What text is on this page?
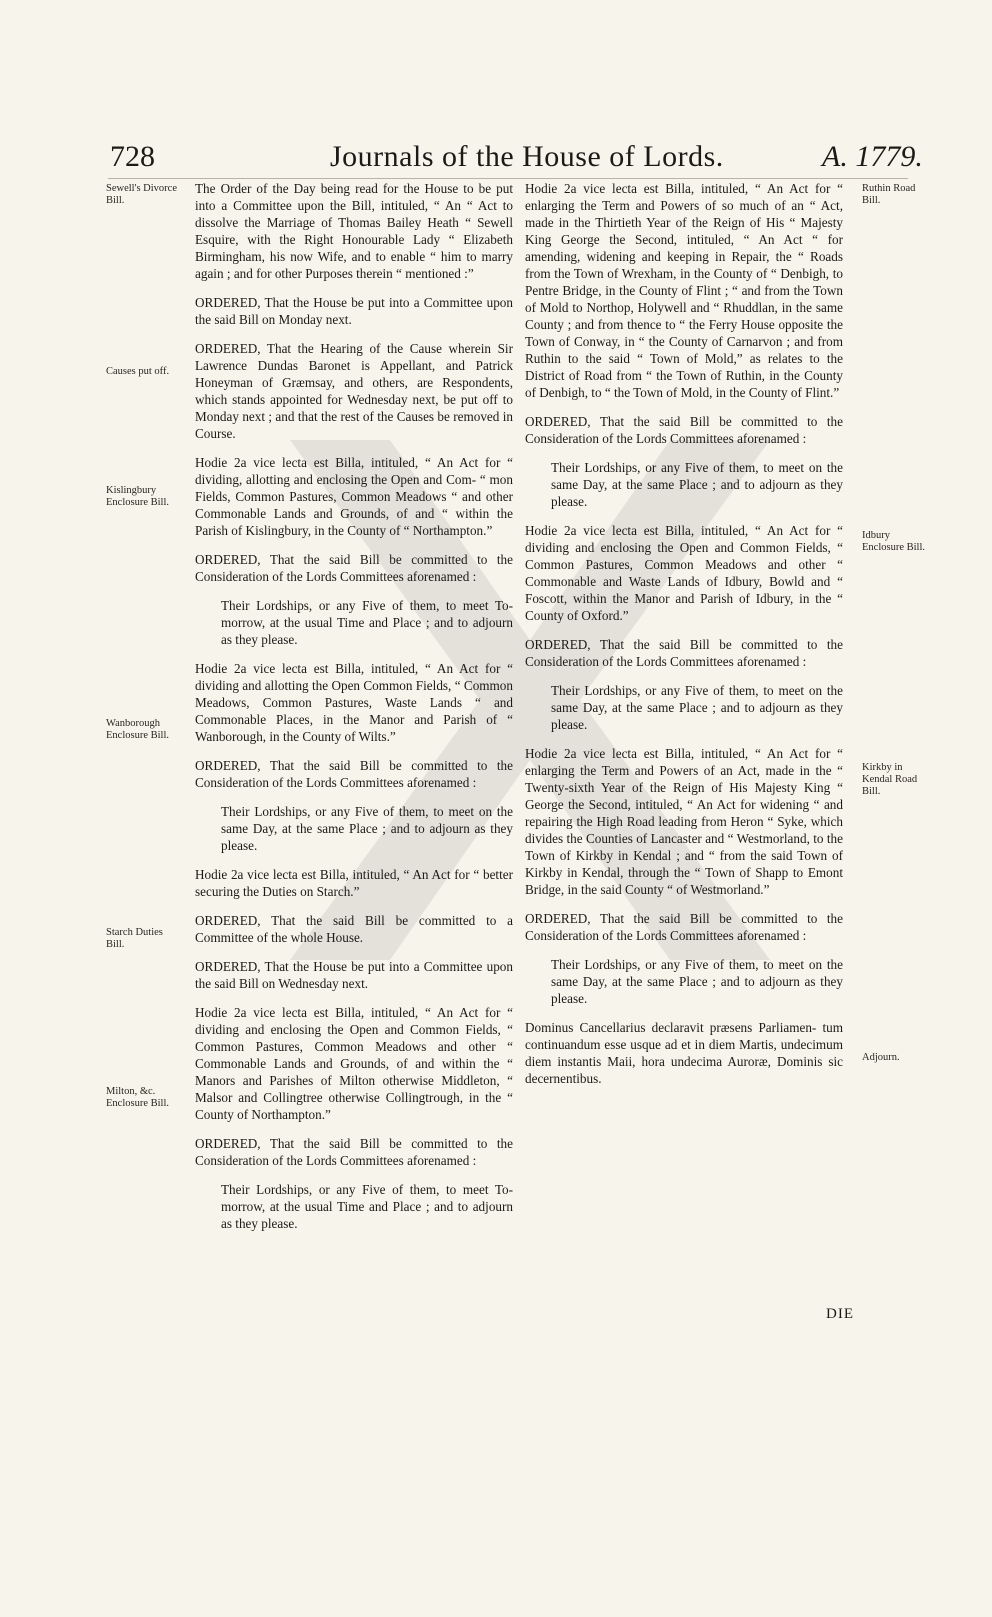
728	Journals of the House of Lords.	A. 1779.
Sewell's Divorce Bill.
Causes put off.
Kislingbury Enclosure Bill.
Wanborough Enclosure Bill.
Starch Duties Bill.
Milton, &c. Enclosure Bill.
Ruthin Road Bill.
Idbury Enclosure Bill.
Kirkby in Kendal Road Bill.
Adjourn.

The Order of the Day being read for the House to be put into a Committee upon the Bill, intituled, “ An “ Act to dissolve the Marriage of Thomas Bailey Heath “ Sewell Esquire, with the Right Honourable Lady “ Elizabeth Birmingham, his now Wife, and to enable “ him to marry again ; and for other Purposes therein “ mentioned :”

ORDERED, That the House be put into a Committee upon the said Bill on Monday next.

ORDERED, That the Hearing of the Cause wherein Sir Lawrence Dundas Baronet is Appellant, and Patrick Honeyman of Græmsay, and others, are Respondents, which stands appointed for Wednesday next, be put off to Monday next ; and that the rest of the Causes be removed in Course.

Hodie 2a vice lecta est Billa, intituled, “ An Act for “ dividing, allotting and enclosing the Open and Com- “ mon Fields, Common Pastures, Common Meadows “ and other Commonable Lands and Grounds, of and “ within the Parish of Kislingbury, in the County of “ Northampton.”

ORDERED, That the said Bill be committed to the Consideration of the Lords Committees aforenamed :

Their Lordships, or any Five of them, to meet To-morrow, at the usual Time and Place ; and to adjourn as they please.

Hodie 2a vice lecta est Billa, intituled, “ An Act for “ dividing and allotting the Open Common Fields, “ Common Meadows, Common Pastures, Waste Lands “ and Commonable Places, in the Manor and Parish of “ Wanborough, in the County of Wilts.”

ORDERED, That the said Bill be committed to the Consideration of the Lords Committees aforenamed :

Their Lordships, or any Five of them, to meet on the same Day, at the same Place ; and to adjourn as they please.

Hodie 2a vice lecta est Billa, intituled, “ An Act for “ better securing the Duties on Starch.”

ORDERED, That the said Bill be committed to a Committee of the whole House.

ORDERED, That the House be put into a Committee upon the said Bill on Wednesday next.

Hodie 2a vice lecta est Billa, intituled, “ An Act for “ dividing and enclosing the Open and Common Fields, “ Common Pastures, Common Meadows and other “ Commonable Lands and Grounds, of and within the “ Manors and Parishes of Milton otherwise Middleton, “ Malsor and Collingtree otherwise Collingtrough, in the “ County of Northampton.”

ORDERED, That the said Bill be committed to the Consideration of the Lords Committees aforenamed :

Their Lordships, or any Five of them, to meet To- morrow, at the usual Time and Place ; and to adjourn as they please.

Hodie 2a vice lecta est Billa, intituled, “ An Act for “ enlarging the Term and Powers of so much of an “ Act, made in the Thirtieth Year of the Reign of His “ Majesty King George the Second, intituled, “ An Act “ for amending, widening and keeping in Repair, the “ Roads from the Town of Wrexham, in the County of “ Denbigh, to Pentre Bridge, in the County of Flint ; “ and from the Town of Mold to Northop, Holywell and “ Rhuddlan, in the same County ; and from thence to “ the Ferry House opposite the Town of Conway, in “ the County of Carnarvon ; and from Ruthin to the said “ Town of Mold,” as relates to the District of Road from “ the Town of Ruthin, in the County of Denbigh, to “ the Town of Mold, in the County of Flint.”

ORDERED, That the said Bill be committed to the Consideration of the Lords Committees aforenamed :

Their Lordships, or any Five of them, to meet on the same Day, at the same Place ; and to adjourn as they please.

Hodie 2a vice lecta est Billa, intituled, “ An Act for “ dividing and enclosing the Open and Common Fields, “ Common Pastures, Common Meadows and other “ Commonable and Waste Lands of Idbury, Bowld and “ Foscott, within the Manor and Parish of Idbury, in the “ County of Oxford.”

ORDERED, That the said Bill be committed to the Consideration of the Lords Committees aforenamed :

Their Lordships, or any Five of them, to meet on the same Day, at the same Place ; and to adjourn as they please.

Hodie 2a vice lecta est Billa, intituled, “ An Act for “ enlarging the Term and Powers of an Act, made in the “ Twenty-sixth Year of the Reign of His Majesty King “ George the Second, intituled, “ An Act for widening “ and repairing the High Road leading from Heron “ Syke, which divides the Counties of Lancaster and “ Westmorland, to the Town of Kirkby in Kendal ; and “ from the said Town of Kirkby in Kendal, through the “ Town of Shapp to Emont Bridge, in the said County “ of Westmorland.”

ORDERED, That the said Bill be committed to the Consideration of the Lords Committees aforenamed :

Their Lordships, or any Five of them, to meet on the same Day, at the same Place ; and to adjourn as they please.

Dominus Cancellarius declaravit præsens Parliamen- tum continuandum esse usque ad et in diem Martis, undecimum diem instantis Maii, hora undecima Auroræ, Dominis sic decernentibus.

DIE
